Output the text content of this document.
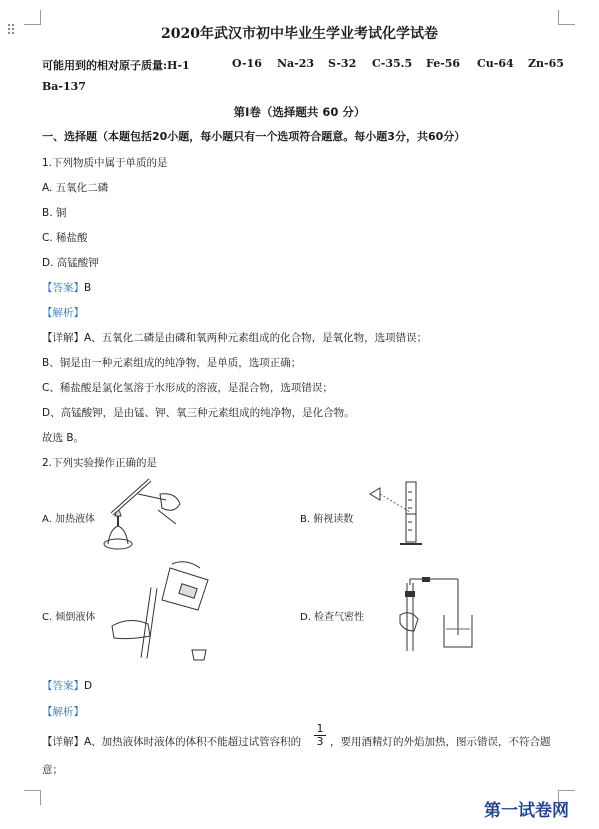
⠿	2020年武汉市初中毕业生学业考试化学试卷
可能用到的相对原子质量:H-1	O-16 Na-23 S-32 C-35.5 Fe-56 Cu-64 Zn-65
Ba-137
第Ⅰ卷（选择题共 60 分）
一、选择题（本题包括20小题，每小题只有一个选项符合题意。每小题3分，共60分）
1.下列物质中属于单质的是
A. 五氧化二磷
B. 铜
C. 稀盐酸
D. 高锰酸钾
【答案】B
【解析】
【详解】A、五氧化二磷是由磷和氧两种元素组成的化合物，是氧化物，选项错误；
B、铜是由一种元素组成的纯净物，是单质，选项正确；
C、稀盐酸是氯化氢溶于水形成的溶液，是混合物，选项错误；
D、高锰酸钾，是由锰、钾、氧三种元素组成的纯净物，是化合物。
故选 B。
2.下列实验操作正确的是
A. 加热液体	B. 俯视读数
C. 倾倒液体	D. 检查气密性
【答案】D
【解析】
【详解】A、加热液体时液体的体积不能超过试管容积的 $\frac{1}{3}$ ，要用酒精灯的外焰加热，图示错误，不符合题
意；
第一试卷网
